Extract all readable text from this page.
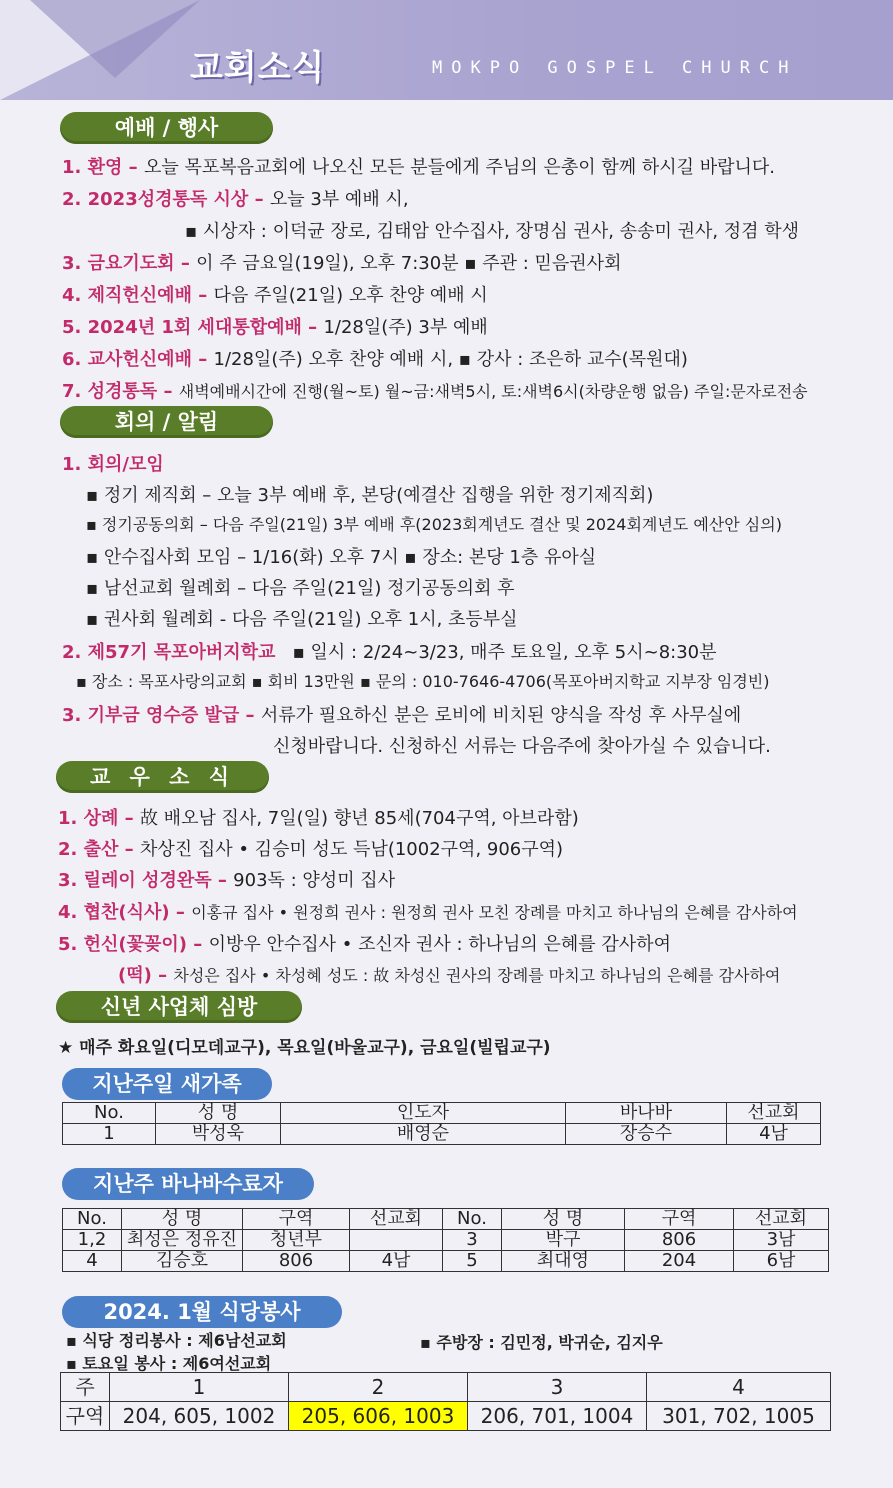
교회소식	MOKPO GOSPEL CHURCH
예배 / 행사
1. 환영 – 오늘 목포복음교회에 나오신 모든 분들에게 주님의 은총이 함께 하시길 바랍니다.
2. 2023성경통독 시상 – 오늘 3부 예배 시,
▪ 시상자 : 이덕균 장로, 김태암 안수집사, 장명심 권사, 송송미 권사, 정겸 학생
3. 금요기도회 – 이 주 금요일(19일), 오후 7:30분 ▪ 주관 : 믿음권사회
4. 제직헌신예배 – 다음 주일(21일) 오후 찬양 예배 시
5. 2024년 1회 세대통합예배 – 1/28일(주) 3부 예배
6. 교사헌신예배 – 1/28일(주) 오후 찬양 예배 시, ▪ 강사 : 조은하 교수(목원대)
7. 성경통독 – 새벽예배시간에 진행(월~토) 월~금:새벽5시, 토:새벽6시(차량운행 없음) 주일:문자로전송
회의 / 알림
1. 회의/모임
▪ 정기 제직회 – 오늘 3부 예배 후, 본당(예결산 집행을 위한 정기제직회)
▪ 정기공동의회 – 다음 주일(21일) 3부 예배 후(2023회계년도 결산 및 2024회계년도 예산안 심의)
▪ 안수집사회 모임 – 1/16(화) 오후 7시 ▪ 장소: 본당 1층 유아실
▪ 남선교회 월례회 – 다음 주일(21일) 정기공동의회 후
▪ 권사회 월례회 - 다음 주일(21일) 오후 1시, 초등부실
2. 제57기 목포아버지학교 ▪ 일시 : 2/24~3/23, 매주 토요일, 오후 5시~8:30분
▪ 장소 : 목포사랑의교회 ▪ 회비 13만원 ▪ 문의 : 010-7646-4706(목포아버지학교 지부장 임경빈)
3. 기부금 영수증 발급 – 서류가 필요하신 분은 로비에 비치된 양식을 작성 후 사무실에
신청바랍니다. 신청하신 서류는 다음주에 찾아가실 수 있습니다.
교 우 소 식
1. 상례 – 故 배오남 집사, 7일(일) 향년 85세(704구역, 아브라함)
2. 출산 – 차상진 집사 • 김승미 성도 득남(1002구역, 906구역)
3. 릴레이 성경완독 – 903독 : 양성미 집사
4. 협찬(식사) – 이홍규 집사 • 원정희 권사 : 원정희 권사 모친 장례를 마치고 하나님의 은혜를 감사하여
5. 헌신(꽃꽂이) – 이방우 안수집사 • 조신자 권사 : 하나님의 은혜를 감사하여
(떡) – 차성은 집사 • 차성혜 성도 : 故 차성신 권사의 장례를 마치고 하나님의 은혜를 감사하여
신년 사업체 심방
★ 매주 화요일(디모데교구), 목요일(바울교구), 금요일(빌립교구)
지난주일 새가족
No.	성 명	인도자	바나바	선교회
1	박성욱	배영순	장승수	4남
지난주 바나바수료자
No.	성 명	구역	선교회	No.	성 명	구역	선교회
1,2	최성은 정유진	청년부		3	박구	806	3남
4	김승호	806	4남	5	최대영	204	6남
2024. 1월 식당봉사
▪ 식당 정리봉사 : 제6남선교회
▪ 토요일 봉사 : 제6여선교회
▪ 주방장 : 김민정, 박귀순, 김지우
주	1	2	3	4
구역	204, 605, 1002	205, 606, 1003	206, 701, 1004	301, 702, 1005
